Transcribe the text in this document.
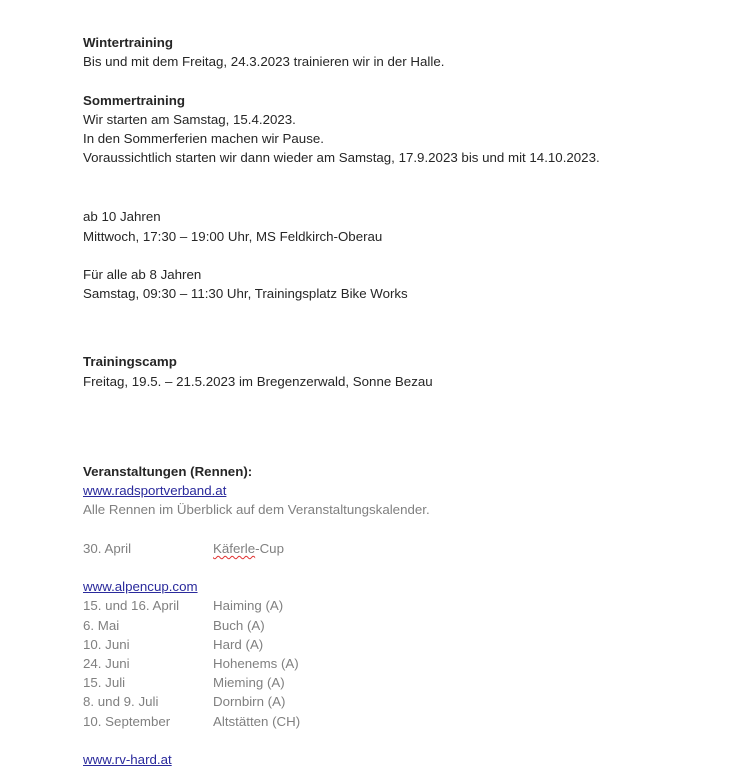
Wintertraining

Bis und mit dem Freitag, 24.3.2023 trainieren wir in der Halle.

Sommertraining

Wir starten am Samstag, 15.4.2023.

In den Sommerferien machen wir Pause.

Voraussichtlich starten wir dann wieder am Samstag, 17.9.2023 bis und mit 14.10.2023.

ab 10 Jahren

Mittwoch, 17:30 – 19:00 Uhr, MS Feldkirch-Oberau

Für alle ab 8 Jahren

Samstag, 09:30 – 11:30 Uhr, Trainingsplatz Bike Works

Trainingscamp

Freitag, 19.5. – 21.5.2023 im Bregenzerwald, Sonne Bezau

Veranstaltungen (Rennen):

www.radsportverband.at

Alle Rennen im Überblick auf dem Veranstaltungskalender.

30. April	Käferle-Cup

www.alpencup.com

15. und 16. April	Haiming (A)
6. Mai	Buch (A)
10. Juni	Hard (A)
24. Juni	Hohenems (A)
15. Juli	Mieming (A)
8. und 9. Juli	Dornbirn (A)
10. September	Altstätten (CH)

www.rv-hard.at
